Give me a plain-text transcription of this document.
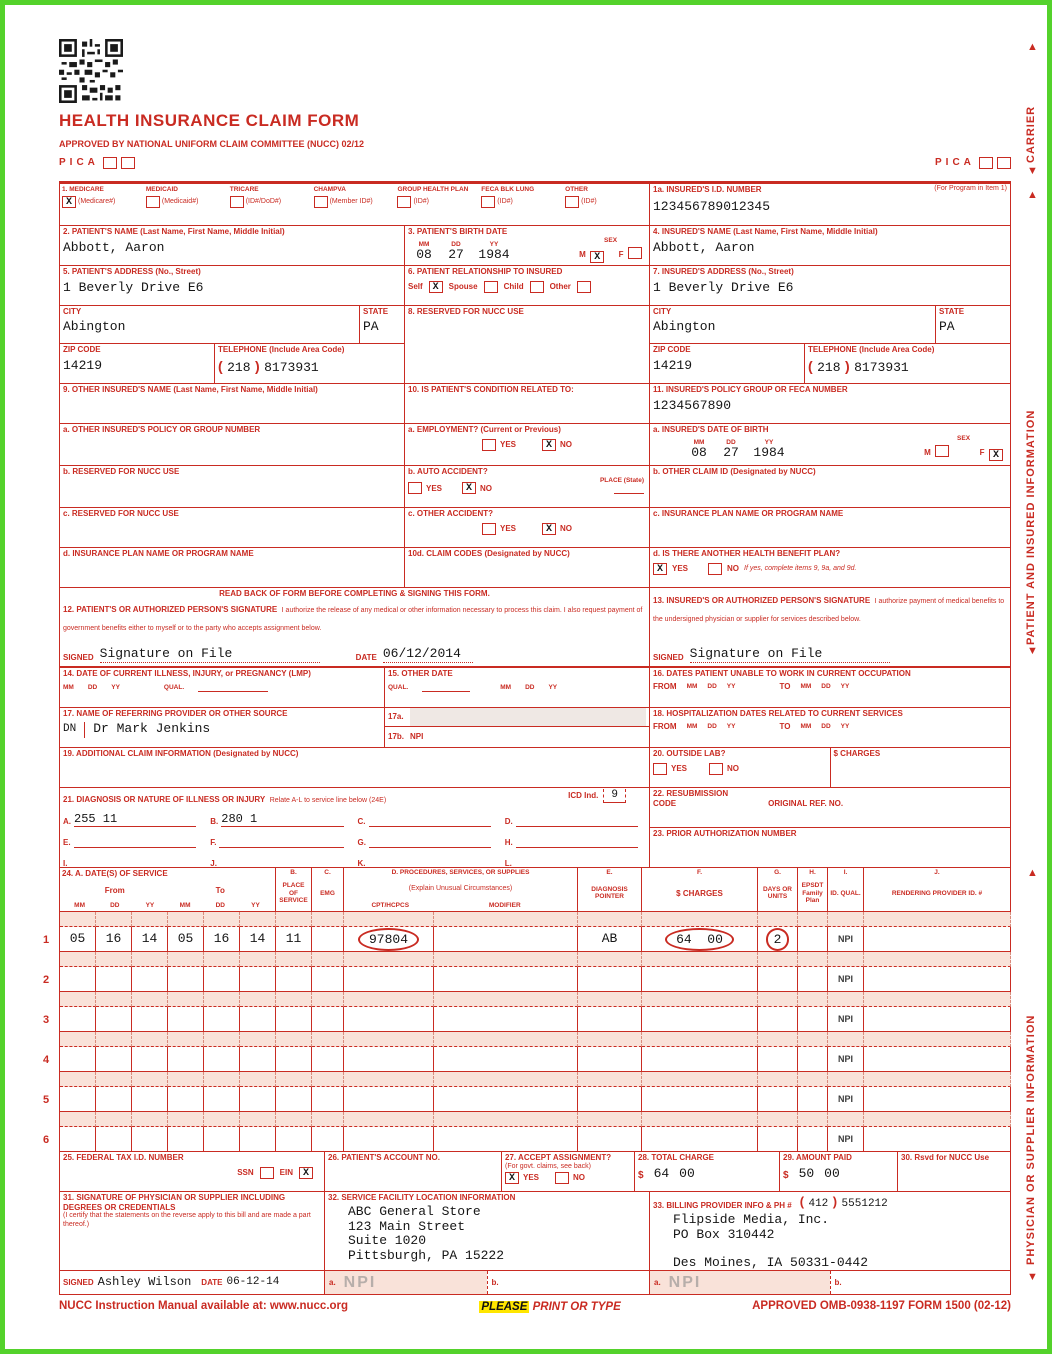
HEALTH INSURANCE CLAIM FORM
APPROVED BY NATIONAL UNIFORM CLAIM COMMITTEE (NUCC) 02/12
PICA	PICA
1. MEDICARE
X (Medicare#)
MEDICAID
(Medicaid#)
TRICARE
(ID#/DoD#)
CHAMPVA
(Member ID#)
GROUP HEALTH PLAN
(ID#)
FECA BLK LUNG
(ID#)
OTHER
(ID#)
1a. INSURED'S I.D. NUMBER	(For Program in Item 1)
123456789012345
2. PATIENT'S NAME (Last Name, First Name, Middle Initial)
Abbott, Aaron
3. PATIENT'S BIRTH DATE
MM
08
DD
27
YY
1984
SEX
M X F
4. INSURED'S NAME (Last Name, First Name, Middle Initial)
Abbott, Aaron
5. PATIENT'S ADDRESS (No., Street)
1 Beverly Drive E6
6. PATIENT RELATIONSHIP TO INSURED
Self X	Spouse	Child	Other
7. INSURED'S ADDRESS (No., Street)
1 Beverly Drive E6
CITY
Abington
STATE
PA
8. RESERVED FOR NUCC USE	CITY
Abington
STATE
PA
ZIP CODE
14219
TELEPHONE (Include Area Code)
( 218 ) 8173931
ZIP CODE
14219
TELEPHONE (Include Area Code)
( 218 ) 8173931
9. OTHER INSURED'S NAME (Last Name, First Name, Middle Initial)	10. IS PATIENT'S CONDITION RELATED TO:	11. INSURED'S POLICY GROUP OR FECA NUMBER
1234567890
a. OTHER INSURED'S POLICY OR GROUP NUMBER	a. EMPLOYMENT? (Current or Previous)
YES	X	NO
a. INSURED'S DATE OF BIRTH
MM
08
DD
27
YY
1984
SEX
M	F X
b. RESERVED FOR NUCC USE	b. AUTO ACCIDENT?
YES	X	NO
PLACE (State)
b. OTHER CLAIM ID (Designated by NUCC)
c. RESERVED FOR NUCC USE	c. OTHER ACCIDENT?
YES	X	NO
c. INSURANCE PLAN NAME OR PROGRAM NAME
d. INSURANCE PLAN NAME OR PROGRAM NAME	10d. CLAIM CODES (Designated by NUCC)	d. IS THERE ANOTHER HEALTH BENEFIT PLAN?
X	YES	NO If yes, complete items 9, 9a, and 9d.
READ BACK OF FORM BEFORE COMPLETING & SIGNING THIS FORM.
12. PATIENT'S OR AUTHORIZED PERSON'S SIGNATURE I authorize the release of any medical or other information necessary to process this claim. I also request payment of government benefits either to myself or to the party who accepts assignment below.
SIGNED Signature on File	DATE 06/12/2014
13. INSURED'S OR AUTHORIZED PERSON'S SIGNATURE I authorize payment of medical benefits to the undersigned physician or supplier for services described below.
SIGNED Signature on File
14. DATE OF CURRENT ILLNESS, INJURY, or PREGNANCY (LMP)
MM DD YY	QUAL.
15. OTHER DATE
QUAL.	MM DD YY
16. DATES PATIENT UNABLE TO WORK IN CURRENT OCCUPATION
FROM MM DD YY	TO MM DD YY
17. NAME OF REFERRING PROVIDER OR OTHER SOURCE
DN Dr Mark Jenkins
17a.
17b. NPI
18. HOSPITALIZATION DATES RELATED TO CURRENT SERVICES
FROM MM DD YY	TO MM DD YY
19. ADDITIONAL CLAIM INFORMATION (Designated by NUCC)	20. OUTSIDE LAB?
YES	NO
$ CHARGES
21. DIAGNOSIS OR NATURE OF ILLNESS OR INJURY Relate A-L to service line below (24E)
ICD Ind.	9
A. 255 11	B. 280 1	C.	D.
E.	F.	G.	H.
I.	J.	K.	L.
22. RESUBMISSION
CODE	ORIGINAL REF. NO.
23. PRIOR AUTHORIZATION NUMBER
24. A. DATE(S) OF SERVICE
From	To
MM	DD	YY	MM	DD	YY
B.
PLACE OF SERVICE
C.
EMG
D. PROCEDURES, SERVICES, OR SUPPLIES
(Explain Unusual Circumstances)
CPT/HCPCS	MODIFIER
E.
DIAGNOSIS POINTER
F.
$ CHARGES
G.
DAYS OR UNITS
H.
EPSDT Family Plan
I.
ID. QUAL.
J.
RENDERING PROVIDER ID. #
1 05 16 14 05 16 14 11	97804	AB	64 00	2	NPI
2	NPI
3	NPI
4	NPI
5	NPI
6	NPI
25. FEDERAL TAX I.D. NUMBER
SSN	EIN X
26. PATIENT'S ACCOUNT NO.	27. ACCEPT ASSIGNMENT?
(For govt. claims, see back)
X	YES	NO
28. TOTAL CHARGE
$ 64 00
29. AMOUNT PAID
$ 50 00
30. Rsvd for NUCC Use
31. SIGNATURE OF PHYSICIAN OR SUPPLIER INCLUDING DEGREES OR CREDENTIALS
(I certify that the statements on the reverse apply to this bill and are made a part thereof.)
SIGNED Ashley Wilson DATE 06-12-14
32. SERVICE FACILITY LOCATION INFORMATION
ABC General Store
123 Main Street
Suite 1020
Pittsburgh, PA 15222
a. NPI	b.
33. BILLING PROVIDER INFO & PH # ( 412 ) 5551212
Flipside Media, Inc.
PO Box 310442
Des Moines, IA 50331-0442
a. NPI	b.
NUCC Instruction Manual available at: www.nucc.org	PLEASE PRINT OR TYPE	APPROVED OMB-0938-1197 FORM 1500 (02-12)
▲
CARRIER
▼
▲
PATIENT AND INSURED INFORMATION
▼
▲
PHYSICIAN OR SUPPLIER INFORMATION
▼
